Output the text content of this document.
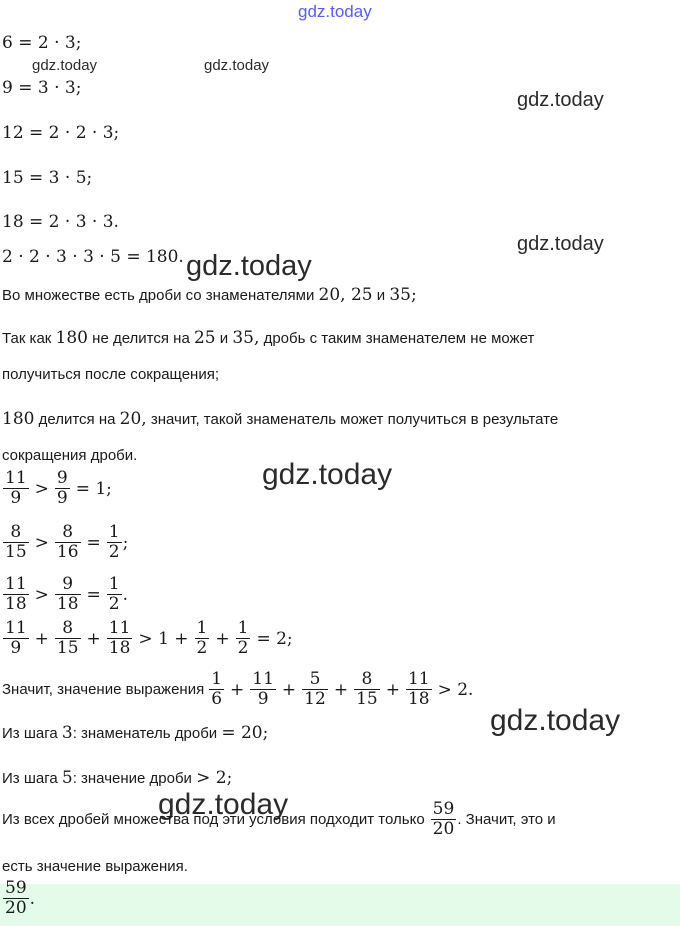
gdz.today
gdz.today	gdz.today
gdz.today
gdz.today
gdz.today
gdz.today
gdz.today
gdz.today
6 = 2 · 3;
9 = 3 · 3;
12 = 2 · 2 · 3;
15 = 3 · 5;
18 = 2 · 3 · 3.
2 · 2 · 3 · 3 · 5 = 180.
Во множестве есть дроби со знаменателями 20, 25 и 35;
Так как 180 не делится на 25 и 35, дробь с таким знаменателем не может
получиться после сокращения;
180 делится на 20, значит, такой знаменатель может получиться в результате
сокращения дроби.
$\frac{11}{9} > \frac{9}{9} = 1$;
$\frac{8}{15} > \frac{8}{16} = \frac{1}{2}$ ;
$\frac{11}{18} > \frac{9}{18} = \frac{1}{2}$ .
$\frac{11}{9} + \frac{8}{15} + \frac{11}{18} > 1 + \frac{1}{2} + \frac{1}{2} = 2$;
Значит, значение выражения $\frac{1}{6} + \frac{11}{9} + \frac{5}{12} + \frac{8}{15} + \frac{11}{18} > 2$.
Из шага 3: знаменатель дроби = 20;
Из шага 5: значение дроби > 2;
Из всех дробей множества под эти условия подходит только $\frac{59}{20}$ . Значит, это и
есть значение выражения.
$\frac{59}{20}$ .
